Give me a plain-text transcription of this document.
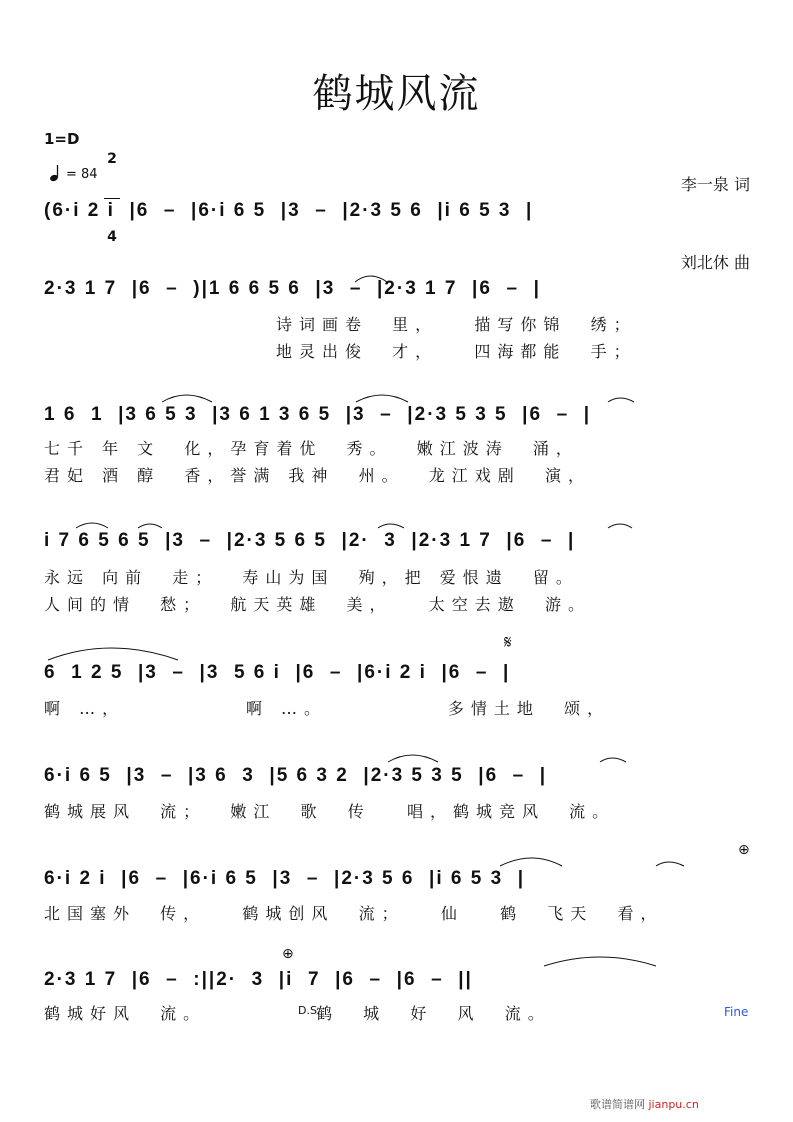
鹤城风流
1=D

2

4

= 84

李一泉 词

刘北休 曲

(6·i 2 i  |6  –  |6·i 6 5  |3  –  |2·3 5 6  |i 6 5 3  |
2·3 1 7  |6  –  )|1 6 6 5 6  |3  –  |2·3 1 7  |6  –  |
诗词画卷  里，   描写你锦  绣；
地灵出俊  才，   四海都能  手；
1 6  1  |3 6 5 3  |3 6 1 3 6 5  |3  –  |2·3 5 3 5  |6  –  |
七千 年 文  化，孕育着优  秀。  嫩江波涛  涌，
君妃 酒 醇  香，誉满 我神  州。  龙江戏剧  演，
i 7 6 5 6 5  |3  –  |2·3 5 6 5  |2·  3  |2·3 1 7  |6  –  |
永远 向前  走；  寿山为国  殉，把 爱恨遗  留。
人间的情  愁；  航天英雄  美，   太空去遨  游。
6  1 2 5  |3  –  |3  5 6 i  |6  –  |6·i 2 i  |6  –  |
啊 …，          啊 …。          多情土地  颂，
𝄋
6·i 6 5  |3  –  |3 6  3  |5 6 3 2  |2·3 5 3 5  |6  –  |
鹤城展风  流；  嫩江  歌  传   唱，鹤城竞风  流。
6·i 2 i  |6  –  |6·i 6 5  |3  –  |2·3 5 6  |i 6 5 3  |
北国塞外  传，   鹤城创风  流；   仙   鹤  飞天  看，
⊕
2·3 1 7  |6  –  :||2·  3  |i  7  |6  –  |6  –  ||
鹤城好风  流。	鹤  城  好  风  流。
⊕
D.S.	Fine
歌谱简谱网 jianpu.cn
